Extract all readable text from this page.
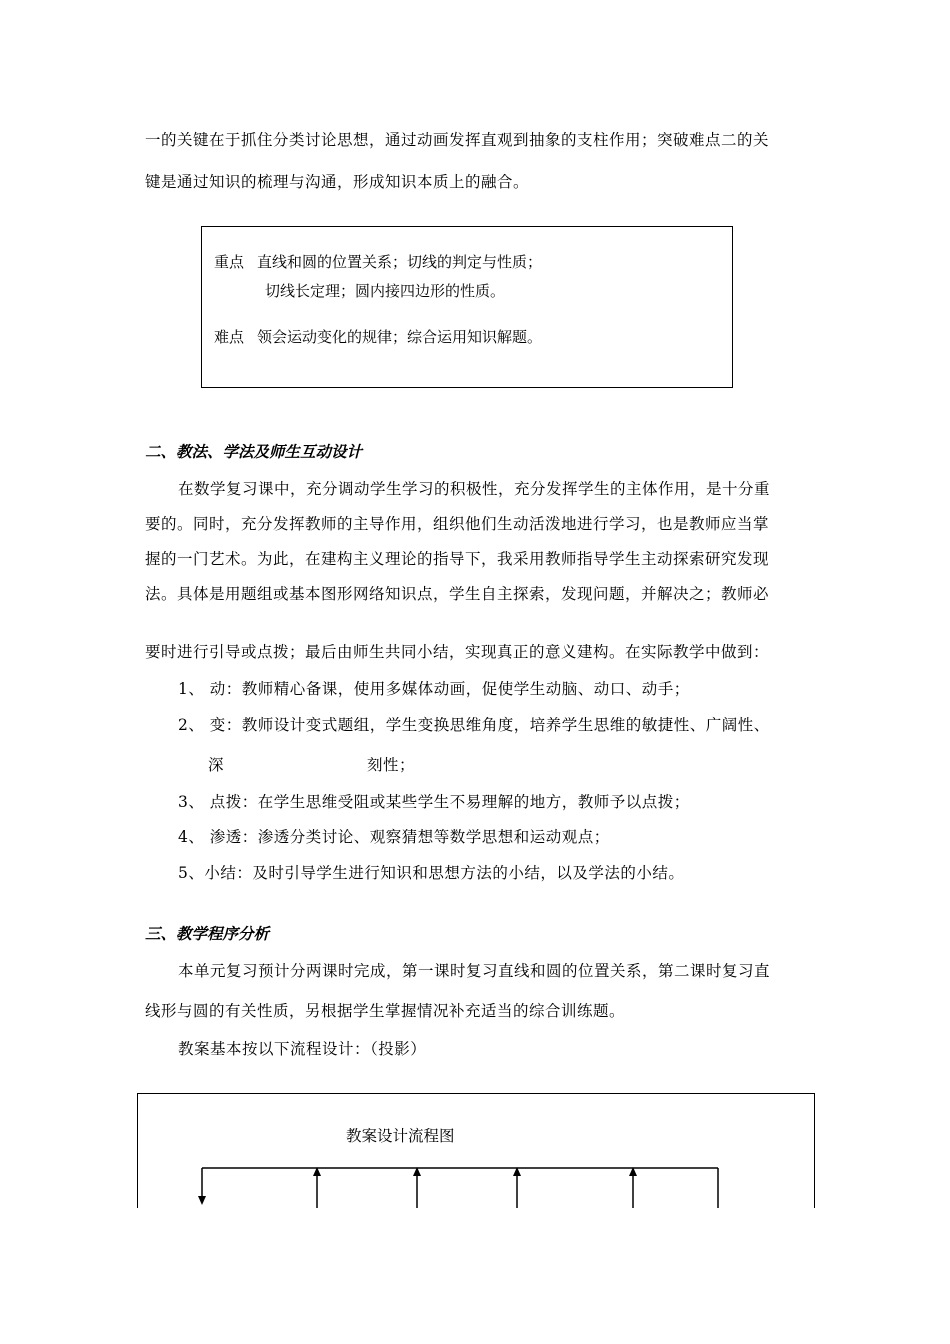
一的关键在于抓住分类讨论思想，通过动画发挥直观到抽象的支柱作用；突破难点二的关
键是通过知识的梳理与沟通，形成知识本质上的融合。
重点 直线和圆的位置关系；切线的判定与性质；
切线长定理；圆内接四边形的性质。
难点 领会运动变化的规律；综合运用知识解题。
二、教法、学法及师生互动设计
在数学复习课中，充分调动学生学习的积极性，充分发挥学生的主体作用，是十分重
要的。同时，充分发挥教师的主导作用，组织他们生动活泼地进行学习，也是教师应当掌
握的一门艺术。为此，在建构主义理论的指导下，我采用教师指导学生主动探索研究发现
法。具体是用题组或基本图形网络知识点，学生自主探索，发现问题，并解决之；教师必
要时进行引导或点拨；最后由师生共同小结，实现真正的意义建构。在实际教学中做到：
1、 动：教师精心备课，使用多媒体动画，促使学生动脑、动口、动手；
2、 变：教师设计变式题组，学生变换思维角度，培养学生思维的敏捷性、广阔性、
深	刻性；
3、 点拨：在学生思维受阻或某些学生不易理解的地方，教师予以点拨；
4、 渗透：渗透分类讨论、观察猜想等数学思想和运动观点；
5、小结：及时引导学生进行知识和思想方法的小结，以及学法的小结。
三、教学程序分析
本单元复习预计分两课时完成，第一课时复习直线和圆的位置关系，第二课时复习直
线形与圆的有关性质，另根据学生掌握情况补充适当的综合训练题。
教案基本按以下流程设计：（投影）
教案设计流程图
